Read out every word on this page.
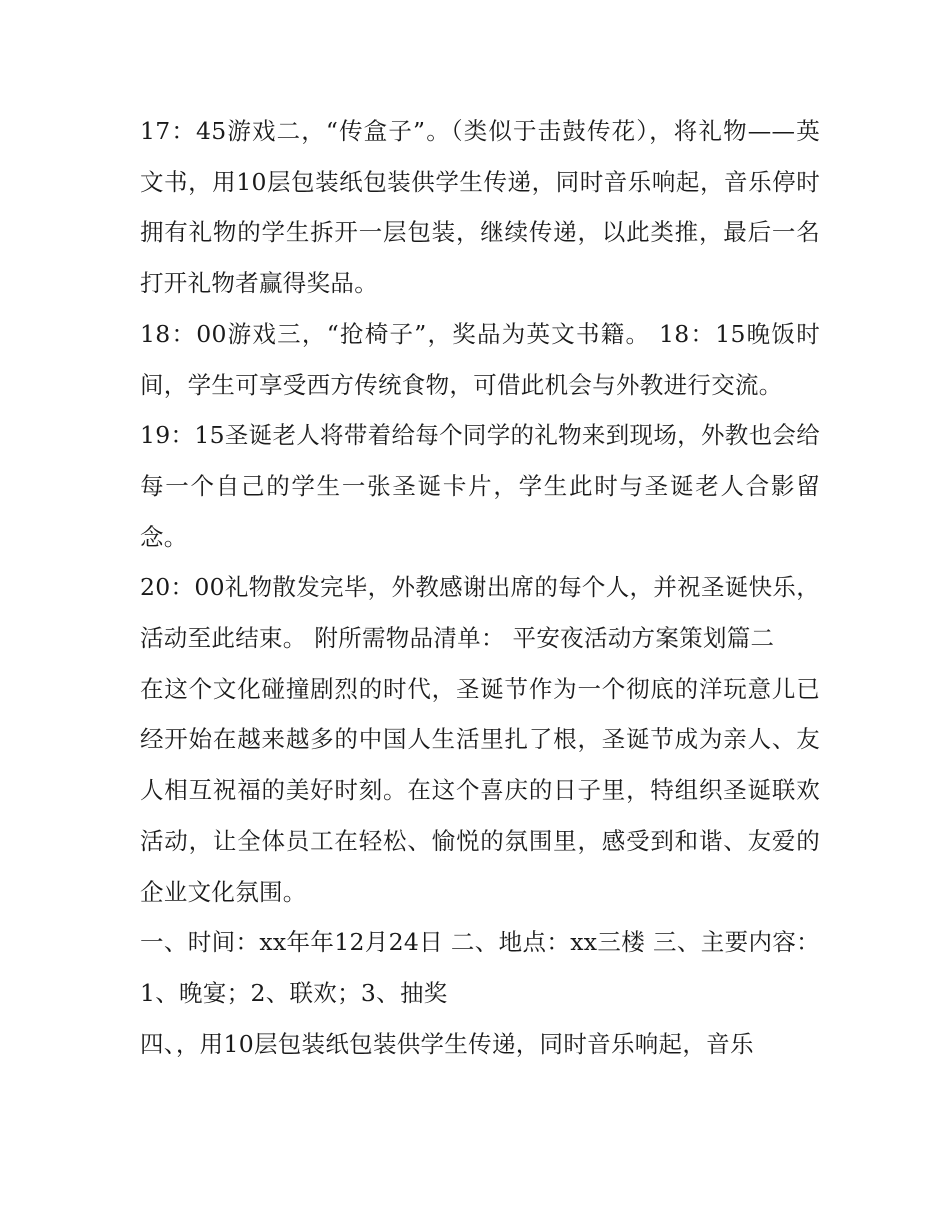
17：45游戏二，“传盒子”。（类似于击鼓传花），将礼物——英文书，用10层包装纸包装供学生传递，同时音乐响起，音乐停时拥有礼物的学生拆开一层包装，继续传递，以此类推，最后一名打开礼物者赢得奖品。

18：00游戏三，“抢椅子”，奖品为英文书籍。 18：15晚饭时间，学生可享受西方传统食物，可借此机会与外教进行交流。

19：15圣诞老人将带着给每个同学的礼物来到现场，外教也会给每一个自己的学生一张圣诞卡片，学生此时与圣诞老人合影留念。

20：00礼物散发完毕，外教感谢出席的每个人，并祝圣诞快乐，活动至此结束。 附所需物品清单： 平安夜活动方案策划篇二

在这个文化碰撞剧烈的时代，圣诞节作为一个彻底的洋玩意儿已经开始在越来越多的中国人生活里扎了根，圣诞节成为亲人、友人相互祝福的美好时刻。在这个喜庆的日子里，特组织圣诞联欢活动，让全体员工在轻松、愉悦的氛围里，感受到和谐、友爱的企业文化氛围。

一、时间：xx年年12月24日 二、地点：xx三楼 三、主要内容：1、晚宴；2、联欢；3、抽奖

四、，用10层包装纸包装供学生传递，同时音乐响起，音乐
